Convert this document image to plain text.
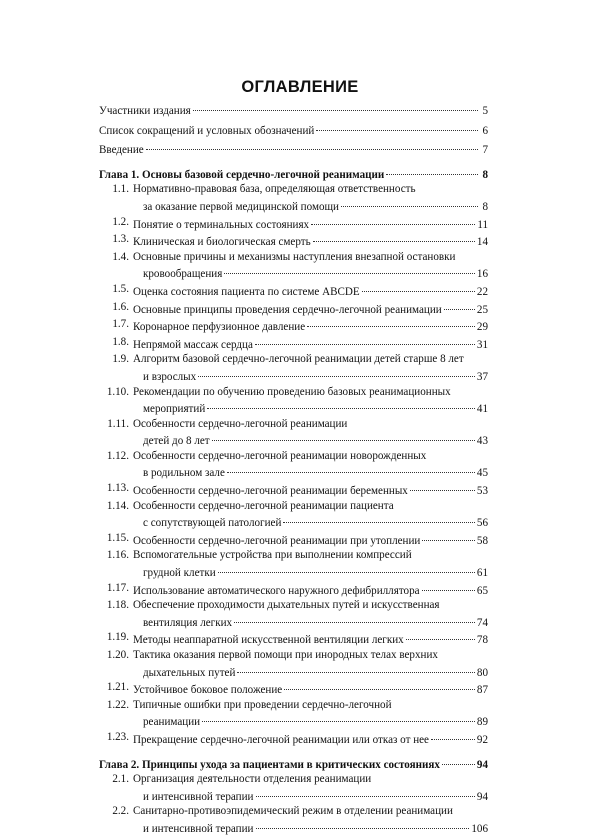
ОГЛАВЛЕНИЕ
Участники издания	5
Список сокращений и условных обозначений	6
Введение	7
Глава 1. Основы базовой сердечно-легочной реанимации	8
1.1. Нормативно-правовая база, определяющая ответственность
за оказание первой медицинской помощи	8
1.2. Понятие о терминальных состояниях	11
1.3. Клиническая и биологическая смерть	14
1.4. Основные причины и механизмы наступления внезапной остановки
кровообращения	16
1.5. Оценка состояния пациента по системе ABCDE	22
1.6. Основные принципы проведения сердечно-легочной реанимации	25
1.7. Коронарное перфузионное давление	29
1.8. Непрямой массаж сердца	31
1.9. Алгоритм базовой сердечно-легочной реанимации детей старше 8 лет
и взрослых	37
1.10. Рекомендации по обучению проведению базовых реанимационных
мероприятий	41
1.11. Особенности сердечно-легочной реанимации
детей до 8 лет	43
1.12. Особенности сердечно-легочной реанимации новорожденных
в родильном зале	45
1.13. Особенности сердечно-легочной реанимации беременных	53
1.14. Особенности сердечно-легочной реанимации пациента
с сопутствующей патологией	56
1.15. Особенности сердечно-легочной реанимации при утоплении	58
1.16. Вспомогательные устройства при выполнении компрессий
грудной клетки	61
1.17. Использование автоматического наружного дефибриллятора	65
1.18. Обеспечение проходимости дыхательных путей и искусственная
вентиляция легких	74
1.19. Методы неаппаратной искусственной вентиляции легких	78
1.20. Тактика оказания первой помощи при инородных телах верхних
дыхательных путей	80
1.21. Устойчивое боковое положение	87
1.22. Типичные ошибки при проведении сердечно-легочной
реанимации	89
1.23. Прекращение сердечно-легочной реанимации или отказ от нее	92
Глава 2. Принципы ухода за пациентами в критических состояниях	94
2.1. Организация деятельности отделения реанимации
и интенсивной терапии	94
2.2. Санитарно-противоэпидемический режим в отделении реанимации
и интенсивной терапии	106
